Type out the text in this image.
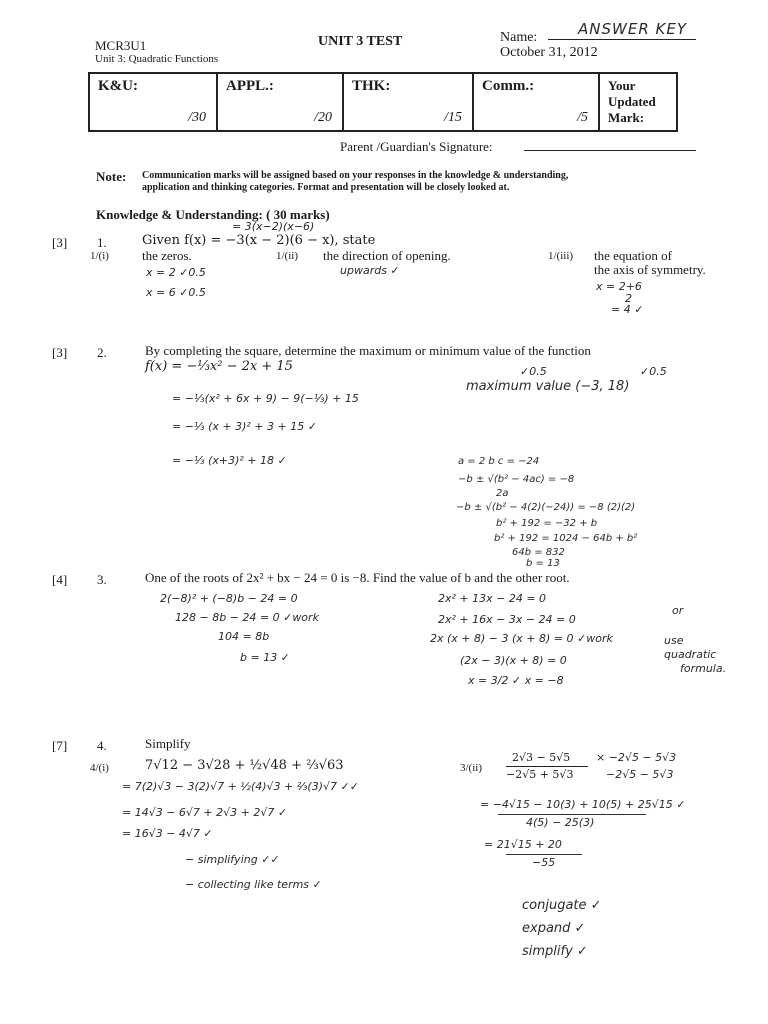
MCR3U1
Unit 3: Quadratic Functions
UNIT 3 TEST	Name:	ANSWER KEY
October 31, 2012
K&U:
/30
	APPL.:
/20
	THK:
/15
	Comm.:
/5
	Your Updated Mark:
Parent /Guardian's Signature:
Note: Communication marks will be assigned based on your responses in the knowledge & understanding,
application and thinking categories. Format and presentation will be closely looked at.
Knowledge & Understanding: ( 30 marks)
= 3(x−2)(x−6)
[3] 1.	Given f(x) = −3(x − 2)(6 − x), state
1/(i)	the zeros.	1/(ii) the direction of opening.	1/(iii) the equation of
the axis of symmetry.
x = 2 ✓0.5
x = 6 ✓0.5
upwards ✓
x = 2+6
2
= 4 ✓
[3] 2.	By completing the square, determine the maximum or minimum value of the function
f(x) = −⅓x² − 2x + 15	✓0.5	✓0.5
maximum value (−3, 18)
= −⅓(x² + 6x + 9) − 9(−⅓) + 15
= −⅓ (x + 3)² + 3 + 15 ✓
= −⅓ (x+3)² + 18 ✓	a = 2 b c = −24
−b ± √(b² − 4ac) = −8
2a
−b ± √(b² − 4(2)(−24)) = −8 (2)(2)
b² + 192 = −32 + b
b² + 192 = 1024 − 64b + b²
64b = 832
b = 13
[4] 3.	One of the roots of 2x² + bx − 24 = 0 is −8. Find the value of b and the other root.
2(−8)² + (−8)b − 24 = 0
128 − 8b − 24 = 0 ✓work
104 = 8b
b = 13 ✓
2x² + 13x − 24 = 0
2x² + 16x − 3x − 24 = 0
2x (x + 8) − 3 (x + 8) = 0 ✓work
(2x − 3)(x + 8) = 0
x = 3/2 ✓ x = −8
or
use
quadratic
formula.
[7] 4.	Simplify
4/(i)	7√12 − 3√28 + ½√48 + ⅔√63
= 7(2)√3 − 3(2)√7 + ½(4)√3 + ⅔(3)√7 ✓✓
= 14√3 − 6√7 + 2√3 + 2√7 ✓
= 16√3 − 4√7 ✓
− simplifying ✓✓
− collecting like terms ✓
3/(ii)
2√3 − 5√5
−2√5 + 5√3
× −2√5 − 5√3
−2√5 − 5√3
= −4√15 − 10(3) + 10(5) + 25√15 ✓
4(5) − 25(3)
= 21√15 + 20
−55
conjugate ✓
expand ✓
simplify ✓
